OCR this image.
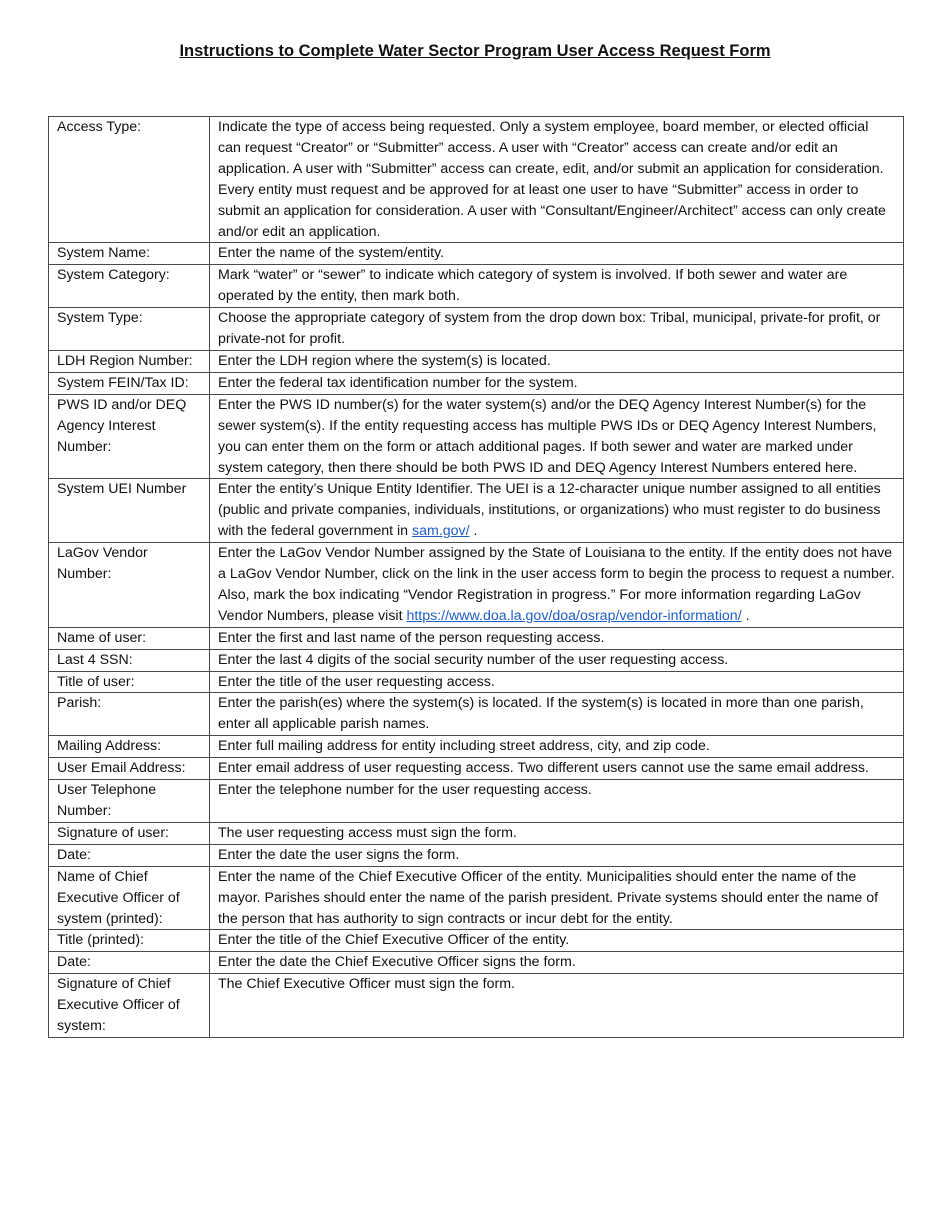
Instructions to Complete Water Sector Program User Access Request Form
Access Type:	Indicate the type of access being requested. Only a system employee, board member, or elected official can request “Creator” or “Submitter” access. A user with “Creator” access can create and/or edit an application. A user with “Submitter” access can create, edit, and/or submit an application for consideration. Every entity must request and be approved for at least one user to have “Submitter” access in order to submit an application for consideration. A user with “Consultant/Engineer/Architect” access can only create and/or edit an application.
System Name:	Enter the name of the system/entity.
System Category:	Mark “water” or “sewer” to indicate which category of system is involved. If both sewer and water are operated by the entity, then mark both.
System Type:	Choose the appropriate category of system from the drop down box: Tribal, municipal, private-for profit, or private-not for profit.
LDH Region Number:	Enter the LDH region where the system(s) is located.
System FEIN/Tax ID:	Enter the federal tax identification number for the system.
PWS ID and/or DEQ Agency Interest Number:	Enter the PWS ID number(s) for the water system(s) and/or the DEQ Agency Interest Number(s) for the sewer system(s). If the entity requesting access has multiple PWS IDs or DEQ Agency Interest Numbers, you can enter them on the form or attach additional pages. If both sewer and water are marked under system category, then there should be both PWS ID and DEQ Agency Interest Numbers entered here.
System UEI Number	Enter the entity’s Unique Entity Identifier. The UEI is a 12-character unique number assigned to all entities (public and private companies, individuals, institutions, or organizations) who must register to do business with the federal government in sam.gov/ .
LaGov Vendor Number:	Enter the LaGov Vendor Number assigned by the State of Louisiana to the entity. If the entity does not have a LaGov Vendor Number, click on the link in the user access form to begin the process to request a number. Also, mark the box indicating “Vendor Registration in progress.” For more information regarding LaGov Vendor Numbers, please visit https://www.doa.la.gov/doa/osrap/vendor-information/ .
Name of user:	Enter the first and last name of the person requesting access.
Last 4 SSN:	Enter the last 4 digits of the social security number of the user requesting access.
Title of user:	Enter the title of the user requesting access.
Parish:	Enter the parish(es) where the system(s) is located. If the system(s) is located in more than one parish, enter all applicable parish names.
Mailing Address:	Enter full mailing address for entity including street address, city, and zip code.
User Email Address:	Enter email address of user requesting access. Two different users cannot use the same email address.
User Telephone Number:	Enter the telephone number for the user requesting access.
Signature of user:	The user requesting access must sign the form.
Date:	Enter the date the user signs the form.
Name of Chief Executive Officer of system (printed):	Enter the name of the Chief Executive Officer of the entity. Municipalities should enter the name of the mayor. Parishes should enter the name of the parish president. Private systems should enter the name of the person that has authority to sign contracts or incur debt for the entity.
Title (printed):	Enter the title of the Chief Executive Officer of the entity.
Date:	Enter the date the Chief Executive Officer signs the form.
Signature of Chief Executive Officer of system:	The Chief Executive Officer must sign the form.
